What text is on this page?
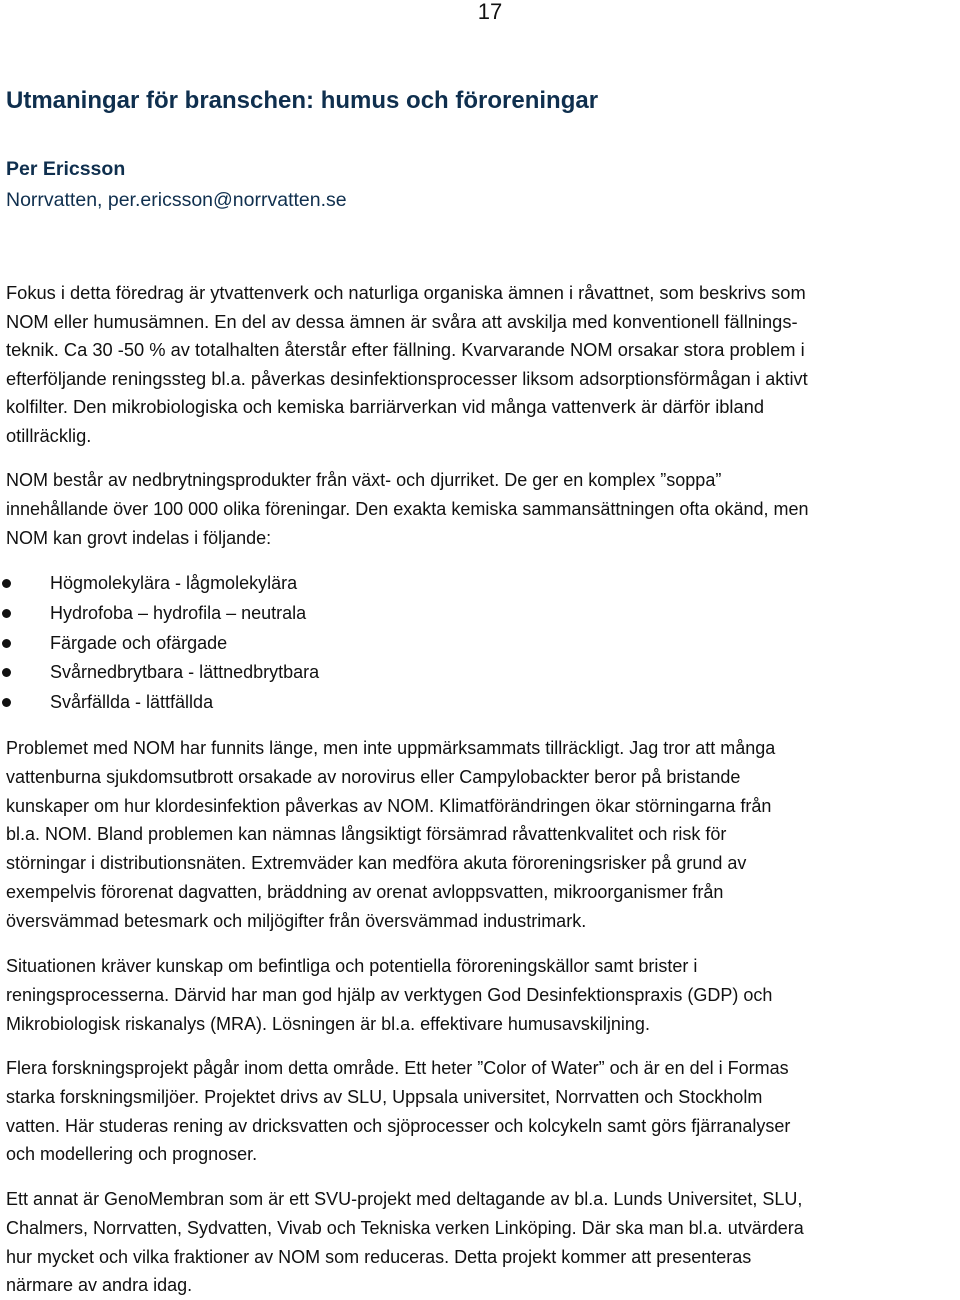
17
Utmaningar för branschen: humus och föroreningar
Per Ericsson
Norrvatten, per.ericsson@norrvatten.se

Fokus i detta föredrag är ytvattenverk och naturliga organiska ämnen i råvattnet, som beskrivs som
NOM eller humusämnen. En del av dessa ämnen är svåra att avskilja med konventionell fällnings-
teknik. Ca 30 -50 % av totalhalten återstår efter fällning. Kvarvarande NOM orsakar stora problem i
efterföljande reningssteg bl.a. påverkas desinfektionsprocesser liksom adsorptionsförmågan i aktivt
kolfilter. Den mikrobiologiska och kemiska barriärverkan vid många vattenverk är därför ibland
otillräcklig.

NOM består av nedbrytningsprodukter från växt- och djurriket. De ger en komplex ”soppa”
innehållande över 100 000 olika föreningar. Den exakta kemiska sammansättningen ofta okänd, men
NOM kan grovt indelas i följande:

Högmolekylära - lågmolekylära
Hydrofoba – hydrofila – neutrala
Färgade och ofärgade
Svårnedbrytbara - lättnedbrytbara
Svårfällda - lättfällda

Problemet med NOM har funnits länge, men inte uppmärksammats tillräckligt. Jag tror att många
vattenburna sjukdomsutbrott orsakade av norovirus eller Campylobackter beror på bristande
kunskaper om hur klordesinfektion påverkas av NOM. Klimatförändringen ökar störningarna från
bl.a. NOM. Bland problemen kan nämnas långsiktigt försämrad råvattenkvalitet och risk för
störningar i distributionsnäten. Extremväder kan medföra akuta föroreningsrisker på grund av
exempelvis förorenat dagvatten, bräddning av orenat avloppsvatten, mikroorganismer från
översvämmad betesmark och miljögifter från översvämmad industrimark.

Situationen kräver kunskap om befintliga och potentiella föroreningskällor samt brister i
reningsprocesserna. Därvid har man god hjälp av verktygen God Desinfektionspraxis (GDP) och
Mikrobiologisk riskanalys (MRA). Lösningen är bl.a. effektivare humusavskiljning.

Flera forskningsprojekt pågår inom detta område. Ett heter ”Color of Water” och är en del i Formas
starka forskningsmiljöer. Projektet drivs av SLU, Uppsala universitet, Norrvatten och Stockholm
vatten. Här studeras rening av dricksvatten och sjöprocesser och kolcykeln samt görs fjärranalyser
och modellering och prognoser.

Ett annat är GenoMembran som är ett SVU-projekt med deltagande av bl.a. Lunds Universitet, SLU,
Chalmers, Norrvatten, Sydvatten, Vivab och Tekniska verken Linköping. Där ska man bl.a. utvärdera
hur mycket och vilka fraktioner av NOM som reduceras. Detta projekt kommer att presenteras
närmare av andra idag.
